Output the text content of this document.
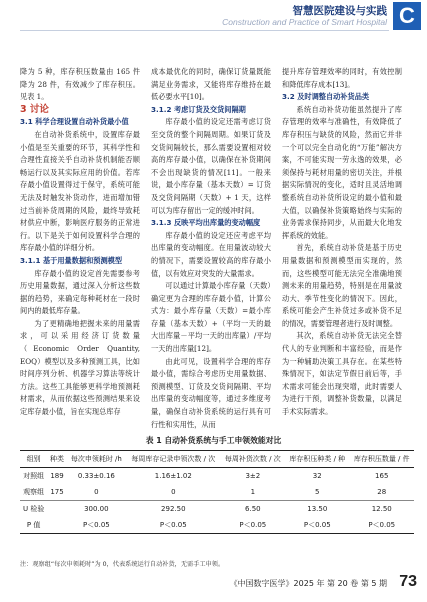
智慧医院建设与实践
Construction and Practice of Smart Hospital C

降为 5 种，库存积压数量由 165 件降为 28 件，有效减少了库存积压。见表 1。

3 讨论

3.1 科学合理设置自动补货最小值

在自动补货系统中，设置库存最小值是至关重要的环节，其科学性和合理性直接关乎自动补货机制能否顺畅运行以及其实际应用的价值。若库存最小值设置得过于保守，系统可能无法及时触发补货动作，进而增加错过当前补货周期的风险，最终导致耗材供应中断，影响医疗服务的正常进行。以下是关于如何设置科学合理的库存最小值的详细分析。

3.1.1 基于用量数据和预测模型

库存最小值的设定首先需要参考历史用量数据，通过深入分析这些数据的趋势，来确定每种耗材在一段时间内的最低库存量。

为了更精确地把握未来的用量需求，可以采用经济订货数量（Economic Order Quantity, EOQ）模型以及多种预测工具，比如时间序列分析、机器学习算法等统计方法。这些工具能够更科学地预测耗材需求，从而依据这些预测结果来设定库存最小值，旨在实现总库存

成本最优化的同时，确保订货量既能满足业务需求，又能将库存维持在最低必要水平[10]。

3.1.2 考虑订货及交货间隔期

库存最小值的设定还需考虑订货至交货的整个间隔周期。如果订货及交货间隔较长，那么需要设置相对较高的库存最小值，以确保在补货期间不会出现缺货的情况[11]。一般来说，最小库存量（基本天数）= 订货及交货间隔期（天数）+ 1 天，这样可以为库存留出一定的缓冲时间。

3.1.3 反映平均出库量的变动幅度

库存最小值的设定还应考虑平均出库量的变动幅度。在用量波动较大的情况下，需要设置较高的库存最小值，以有效应对突发的大量需求。

可以通过计算最小库存量（天数）确定更为合理的库存最小值，计算公式为：最小库存量（天数）=最小库存量（基本天数）+（平均一天的最大出库量－平均一天的出库量）/平均一天的出库量[12]。

由此可见，设置科学合理的库存最小值，需综合考虑历史用量数据、预测模型、订货及交货间隔期、平均出库量的变动幅度等，通过多维度考量，确保自动补货系统的运行具有可行性和实用性，从而

提升库存管理效率的同时，有效控制和降低库存成本[13]。

3.2 及时调整自动补货品类

系统自动补货功能虽然提升了库存管理的效率与准确性，有效降低了库存积压与缺货的风险，然而它并非一个可以完全自动化的“万能”解决方案，不可能实现一劳永逸的效果，必须保持与耗材用量的密切关注，并根据实际情况的变化，适时且灵活地调整系统自动补货所设定的最小值和最大值，以确保补货策略始终与实际的业务需求保持同步，从而最大化地发挥系统的效能。

首先，系统自动补货是基于历史用量数据和预测模型而实现的，然而，这些模型可能无法完全准确地预测未来的用量趋势，特别是在用量波动大、季节性变化的情况下。因此，系统可能会产生补货过多或补货不足的情况，需要管理者进行及时调整。

其次，系统自动补货无法完全替代人的专业判断和丰富经验，而是作为一种辅助决策工具存在。在某些特殊情况下，如法定节假日前后等，手术需求可能会出现突增，此时需要人为进行干预，调整补货数量，以满足手术实际需求。

表 1 自动补货系统与手工申领效能对比
组别	种类	每次申领耗时 /h	每周库存记录申领次数 / 次	每周补货次数 / 次	库存积压种类 / 种	库存积压数量 / 件
对照组	189	0.33±0.16	1.16±1.02	3±2	32	165
观察组	175	0	0	1	5	28
U 检验		300.00	292.50	6.50	13.50	12.50
P 值		P＜0.05	P＜0.05	P＜0.05	P＜0.05	P＜0.05
注：观察组“每次申领耗时”为 0，代表系统运行自动补货，无需手工申领。
《中国数字医学》2025 年 第 20 卷 第 5 期 73
